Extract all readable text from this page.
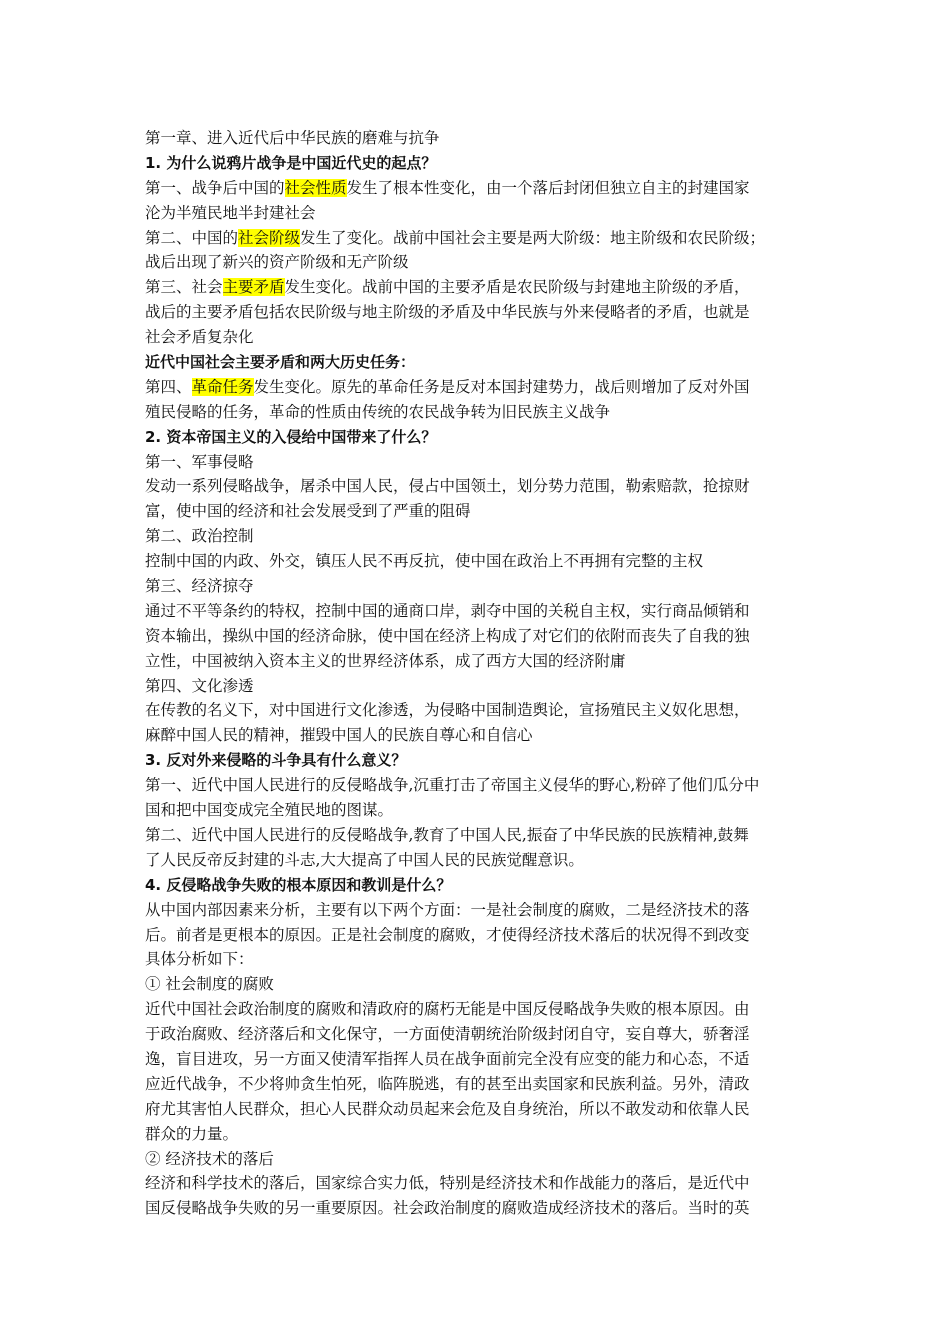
第一章、进入近代后中华民族的磨难与抗争
1. 为什么说鸦片战争是中国近代史的起点？
第一、战争后中国的社会性质发生了根本性变化，由一个落后封闭但独立自主的封建国家
沦为半殖民地半封建社会
第二、中国的社会阶级发生了变化。战前中国社会主要是两大阶级：地主阶级和农民阶级；
战后出现了新兴的资产阶级和无产阶级
第三、社会主要矛盾发生变化。战前中国的主要矛盾是农民阶级与封建地主阶级的矛盾，
战后的主要矛盾包括农民阶级与地主阶级的矛盾及中华民族与外来侵略者的矛盾，也就是
社会矛盾复杂化
近代中国社会主要矛盾和两大历史任务：
第四、革命任务发生变化。原先的革命任务是反对本国封建势力，战后则增加了反对外国
殖民侵略的任务，革命的性质由传统的农民战争转为旧民族主义战争
2. 资本帝国主义的入侵给中国带来了什么？
第一、军事侵略
发动一系列侵略战争，屠杀中国人民，侵占中国领土，划分势力范围，勒索赔款，抢掠财
富，使中国的经济和社会发展受到了严重的阻碍
第二、政治控制
控制中国的内政、外交，镇压人民不再反抗，使中国在政治上不再拥有完整的主权
第三、经济掠夺
通过不平等条约的特权，控制中国的通商口岸，剥夺中国的关税自主权，实行商品倾销和
资本输出，操纵中国的经济命脉，使中国在经济上构成了对它们的依附而丧失了自我的独
立性，中国被纳入资本主义的世界经济体系，成了西方大国的经济附庸
第四、文化渗透
在传教的名义下，对中国进行文化渗透，为侵略中国制造舆论，宣扬殖民主义奴化思想，
麻醉中国人民的精神，摧毁中国人的民族自尊心和自信心
3. 反对外来侵略的斗争具有什么意义？
第一、近代中国人民进行的反侵略战争,沉重打击了帝国主义侵华的野心,粉碎了他们瓜分中
国和把中国变成完全殖民地的图谋。
第二、近代中国人民进行的反侵略战争,教育了中国人民,振奋了中华民族的民族精神,鼓舞
了人民反帝反封建的斗志,大大提高了中国人民的民族觉醒意识。
4. 反侵略战争失败的根本原因和教训是什么？
从中国内部因素来分析，主要有以下两个方面：一是社会制度的腐败，二是经济技术的落
后。前者是更根本的原因。正是社会制度的腐败，才使得经济技术落后的状况得不到改变
具体分析如下：
① 社会制度的腐败
近代中国社会政治制度的腐败和清政府的腐朽无能是中国反侵略战争失败的根本原因。由
于政治腐败、经济落后和文化保守，一方面使清朝统治阶级封闭自守，妄自尊大，骄奢淫
逸，盲目进攻，另一方面又使清军指挥人员在战争面前完全没有应变的能力和心态，不适
应近代战争，不少将帅贪生怕死，临阵脱逃，有的甚至出卖国家和民族利益。另外，清政
府尤其害怕人民群众，担心人民群众动员起来会危及自身统治，所以不敢发动和依靠人民
群众的力量。
② 经济技术的落后
经济和科学技术的落后，国家综合实力低，特别是经济技术和作战能力的落后，是近代中
国反侵略战争失败的另一重要原因。社会政治制度的腐败造成经济技术的落后。当时的英
